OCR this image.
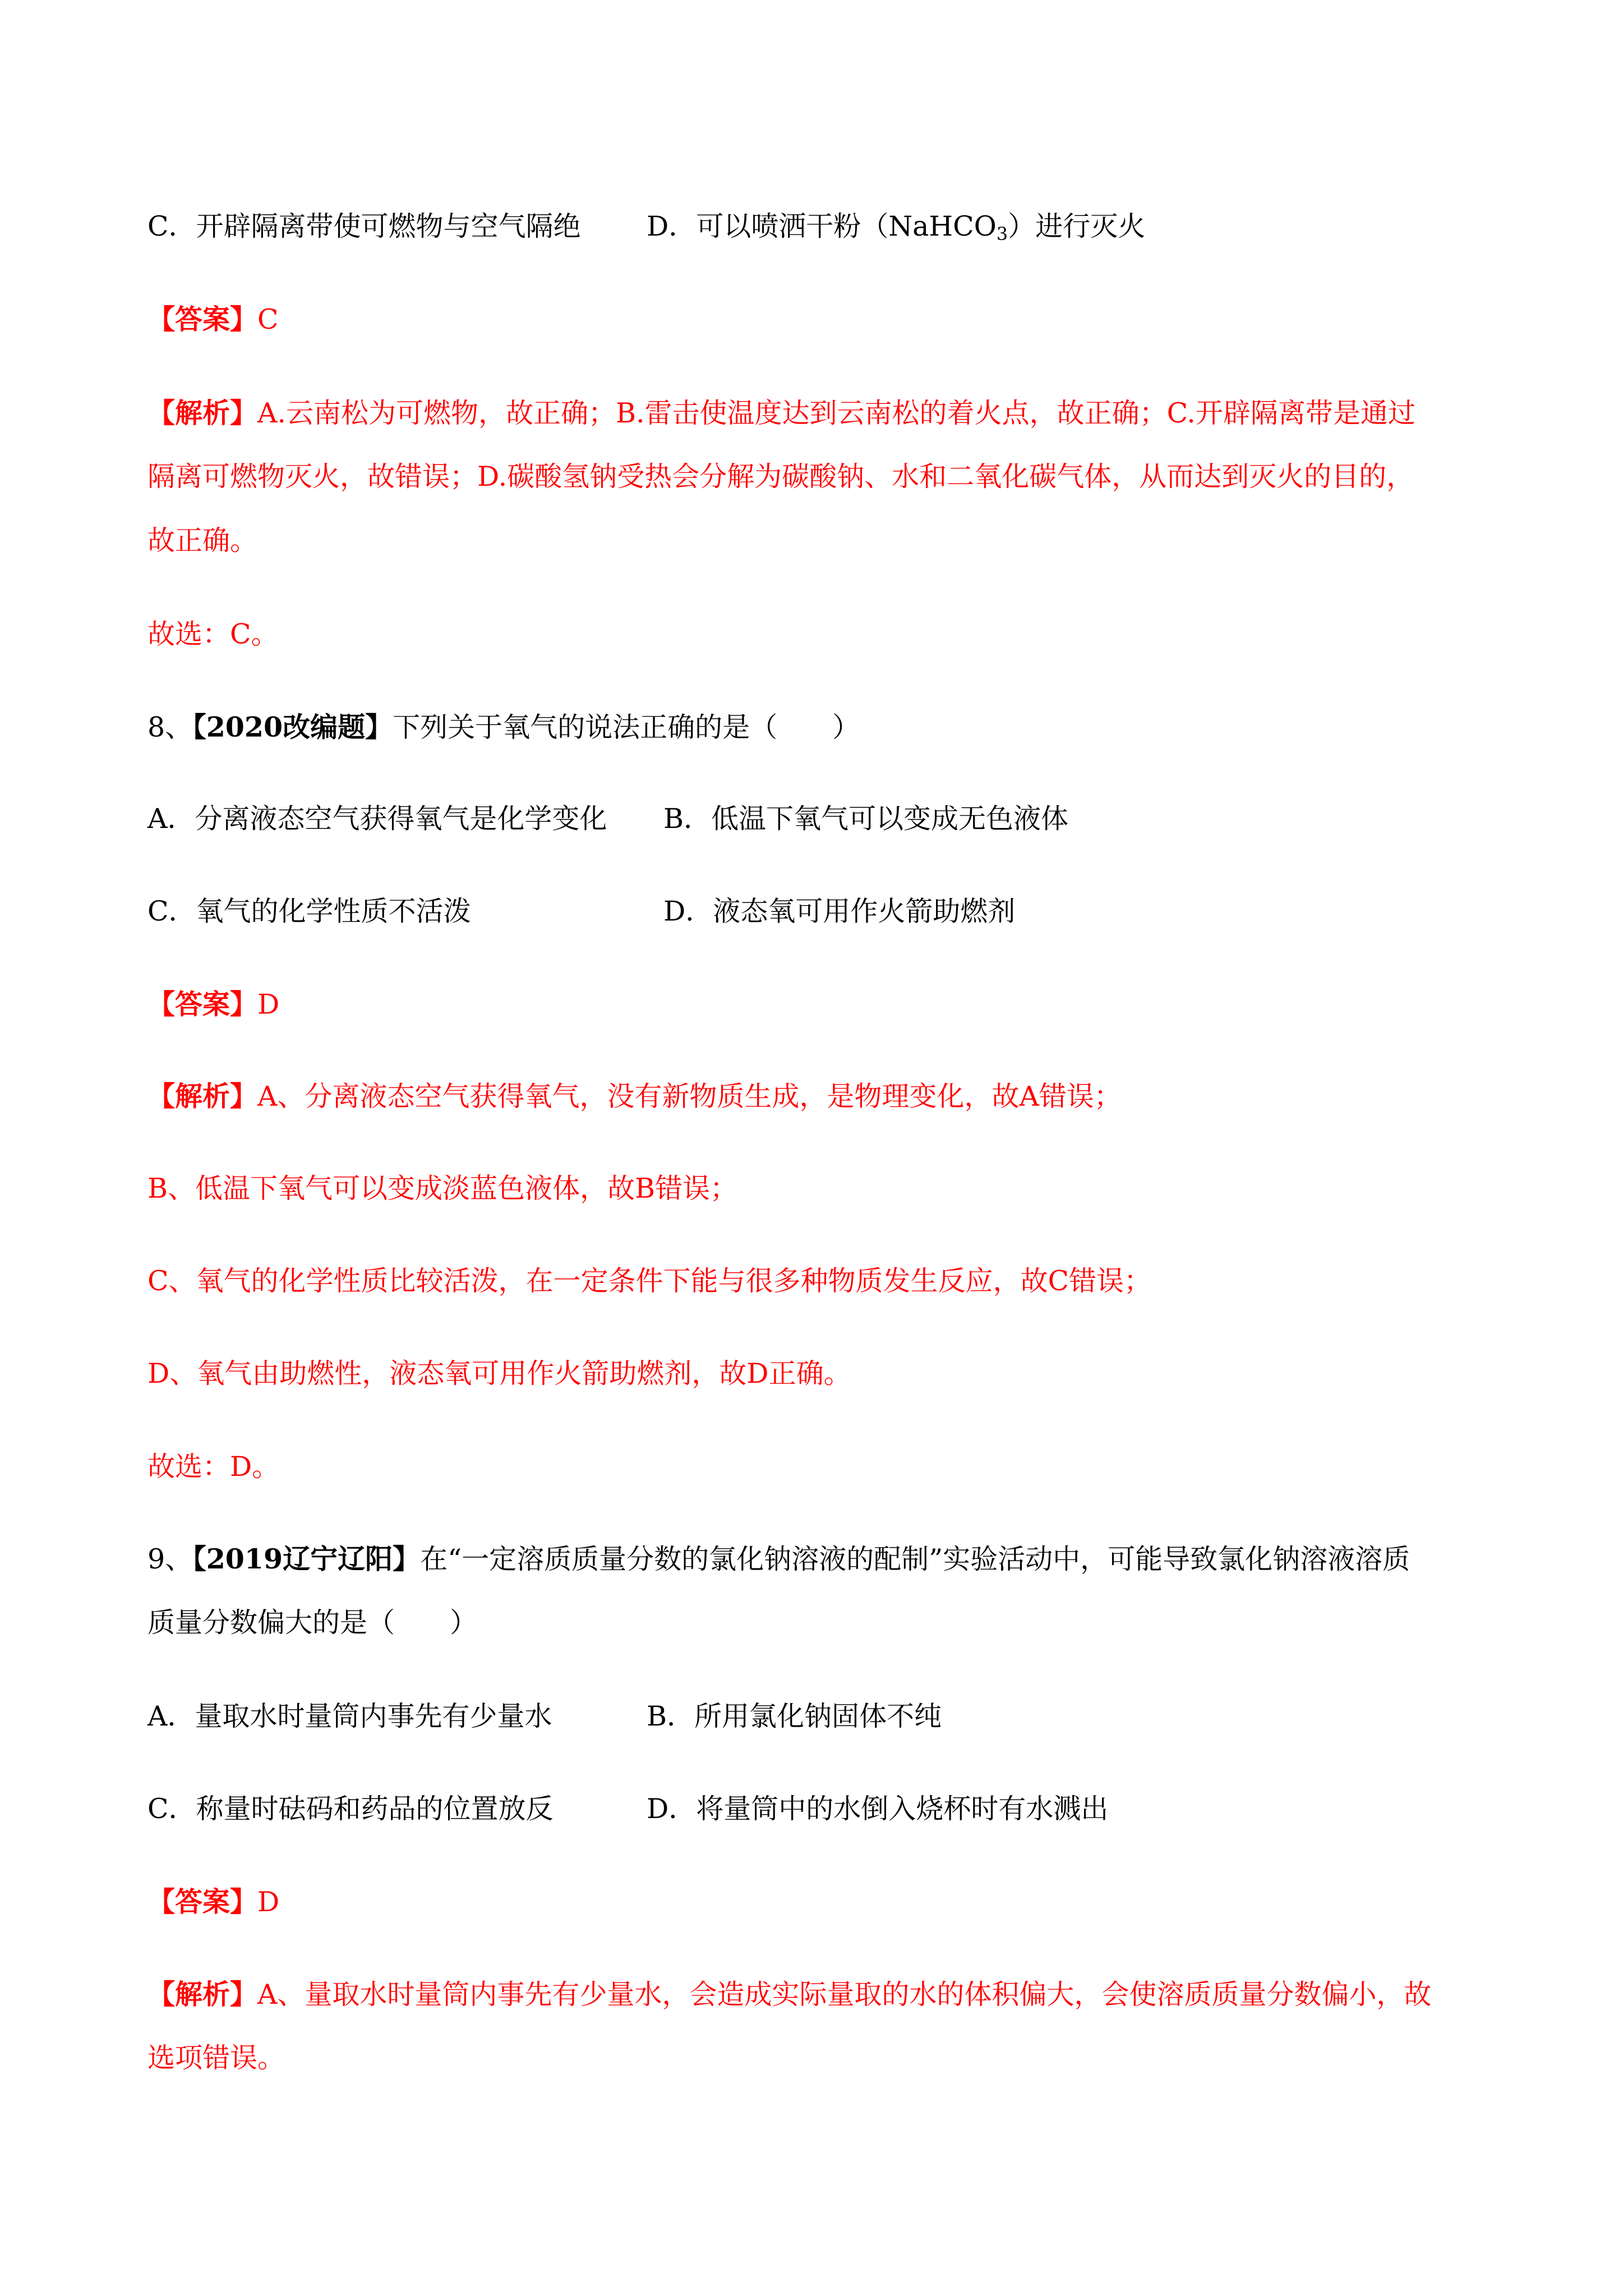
C．开辟隔离带使可燃物与空气隔绝 D．可以喷洒干粉（NaHCO$_3$）进行灭火
【答案】C
【解析】A.云南松为可燃物，故正确；B.雷击使温度达到云南松的着火点，故正确；C.开辟隔离带是通过
隔离可燃物灭火，故错误；D.碳酸氢钠受热会分解为碳酸钠、水和二氧化碳气体，从而达到灭火的目的，
故正确。
故选：C。
8、【2020改编题】下列关于氧气的说法正确的是（　　）
A．分离液态空气获得氧气是化学变化 B．低温下氧气可以变成无色液体
C．氧气的化学性质不活泼	D．液态氧可用作火箭助燃剂
【答案】D
【解析】A、分离液态空气获得氧气，没有新物质生成，是物理变化，故A错误；
B、低温下氧气可以变成淡蓝色液体，故B错误；
C、氧气的化学性质比较活泼，在一定条件下能与很多种物质发生反应，故C错误；
D、氧气由助燃性，液态氧可用作火箭助燃剂，故D正确。
故选：D。
9、【2019辽宁辽阳】在“一定溶质质量分数的氯化钠溶液的配制”实验活动中，可能导致氯化钠溶液溶质
质量分数偏大的是（　　）
A．量取水时量筒内事先有少量水	B．所用氯化钠固体不纯
C．称量时砝码和药品的位置放反	D．将量筒中的水倒入烧杯时有水溅出
【答案】D
【解析】A、量取水时量筒内事先有少量水，会造成实际量取的水的体积偏大，会使溶质质量分数偏小，故
选项错误。
